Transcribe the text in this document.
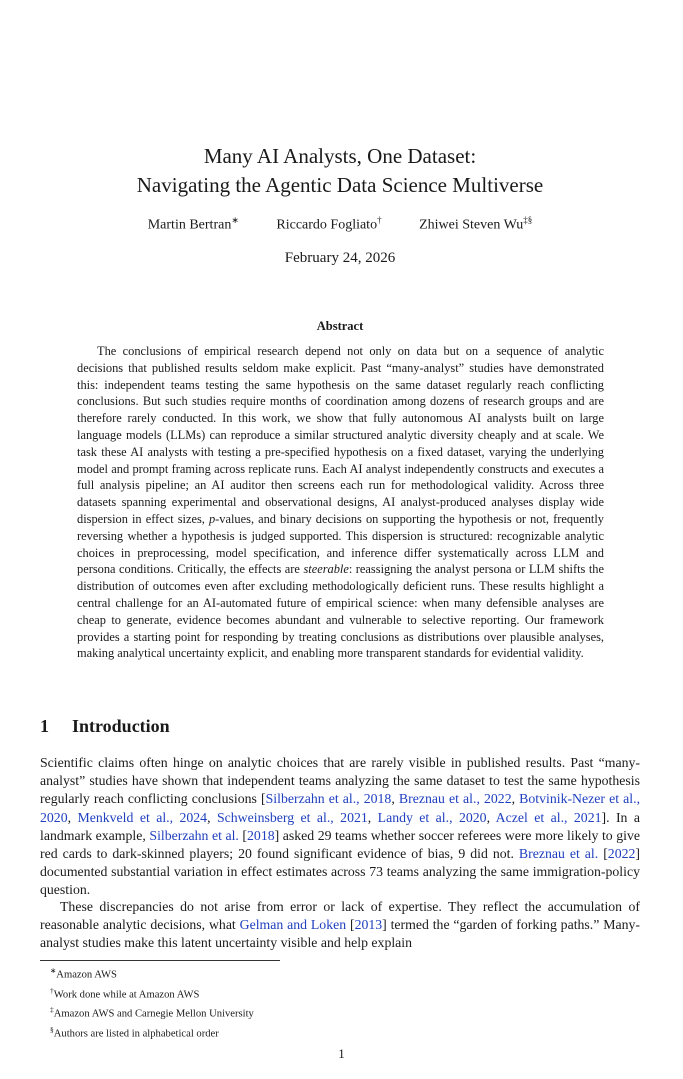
Many AI Analysts, One Dataset:
Navigating the Agentic Data Science Multiverse
Martin Bertran∗	Riccardo Fogliato†	Zhiwei Steven Wu‡§
February 24, 2026
Abstract

The conclusions of empirical research depend not only on data but on a sequence of analytic decisions that published results seldom make explicit. Past “many-analyst” studies have demonstrated this: independent teams testing the same hypothesis on the same dataset regularly reach conflicting conclusions. But such studies require months of coordination among dozens of research groups and are therefore rarely conducted. In this work, we show that fully autonomous AI analysts built on large language models (LLMs) can reproduce a similar structured analytic diversity cheaply and at scale. We task these AI analysts with testing a pre-specified hypothesis on a fixed dataset, varying the underlying model and prompt framing across replicate runs. Each AI analyst independently constructs and executes a full analysis pipeline; an AI auditor then screens each run for methodological validity. Across three datasets spanning experimental and observational designs, AI analyst-produced analyses display wide dispersion in effect sizes, p-values, and binary decisions on supporting the hypothesis or not, frequently reversing whether a hypothesis is judged supported. This dispersion is structured: recognizable analytic choices in preprocessing, model specification, and inference differ systematically across LLM and persona conditions. Critically, the effects are steerable: reassigning the analyst persona or LLM shifts the distribution of outcomes even after excluding methodologically deficient runs. These results highlight a central challenge for an AI-automated future of empirical science: when many defensible analyses are cheap to generate, evidence becomes abundant and vulnerable to selective reporting. Our framework provides a starting point for responding by treating conclusions as distributions over plausible analyses, making analytical uncertainty explicit, and enabling more transparent standards for evidential validity.

1 Introduction

Scientific claims often hinge on analytic choices that are rarely visible in published results. Past “many-analyst” studies have shown that independent teams analyzing the same dataset to test the same hypothesis regularly reach conflicting conclusions [Silberzahn et al., 2018, Breznau et al., 2022, Botvinik-Nezer et al., 2020, Menkveld et al., 2024, Schweinsberg et al., 2021, Landy et al., 2020, Aczel et al., 2021]. In a landmark example, Silberzahn et al. [2018] asked 29 teams whether soccer referees were more likely to give red cards to dark-skinned players; 20 found significant evidence of bias, 9 did not. Breznau et al. [2022] documented substantial variation in effect estimates across 73 teams analyzing the same immigration-policy question.

These discrepancies do not arise from error or lack of expertise. They reflect the accumulation of reasonable analytic decisions, what Gelman and Loken [2013] termed the “garden of forking paths.” Many-analyst studies make this latent uncertainty visible and help explain

∗Amazon AWS
†Work done while at Amazon AWS
‡Amazon AWS and Carnegie Mellon University
§Authors are listed in alphabetical order
1
